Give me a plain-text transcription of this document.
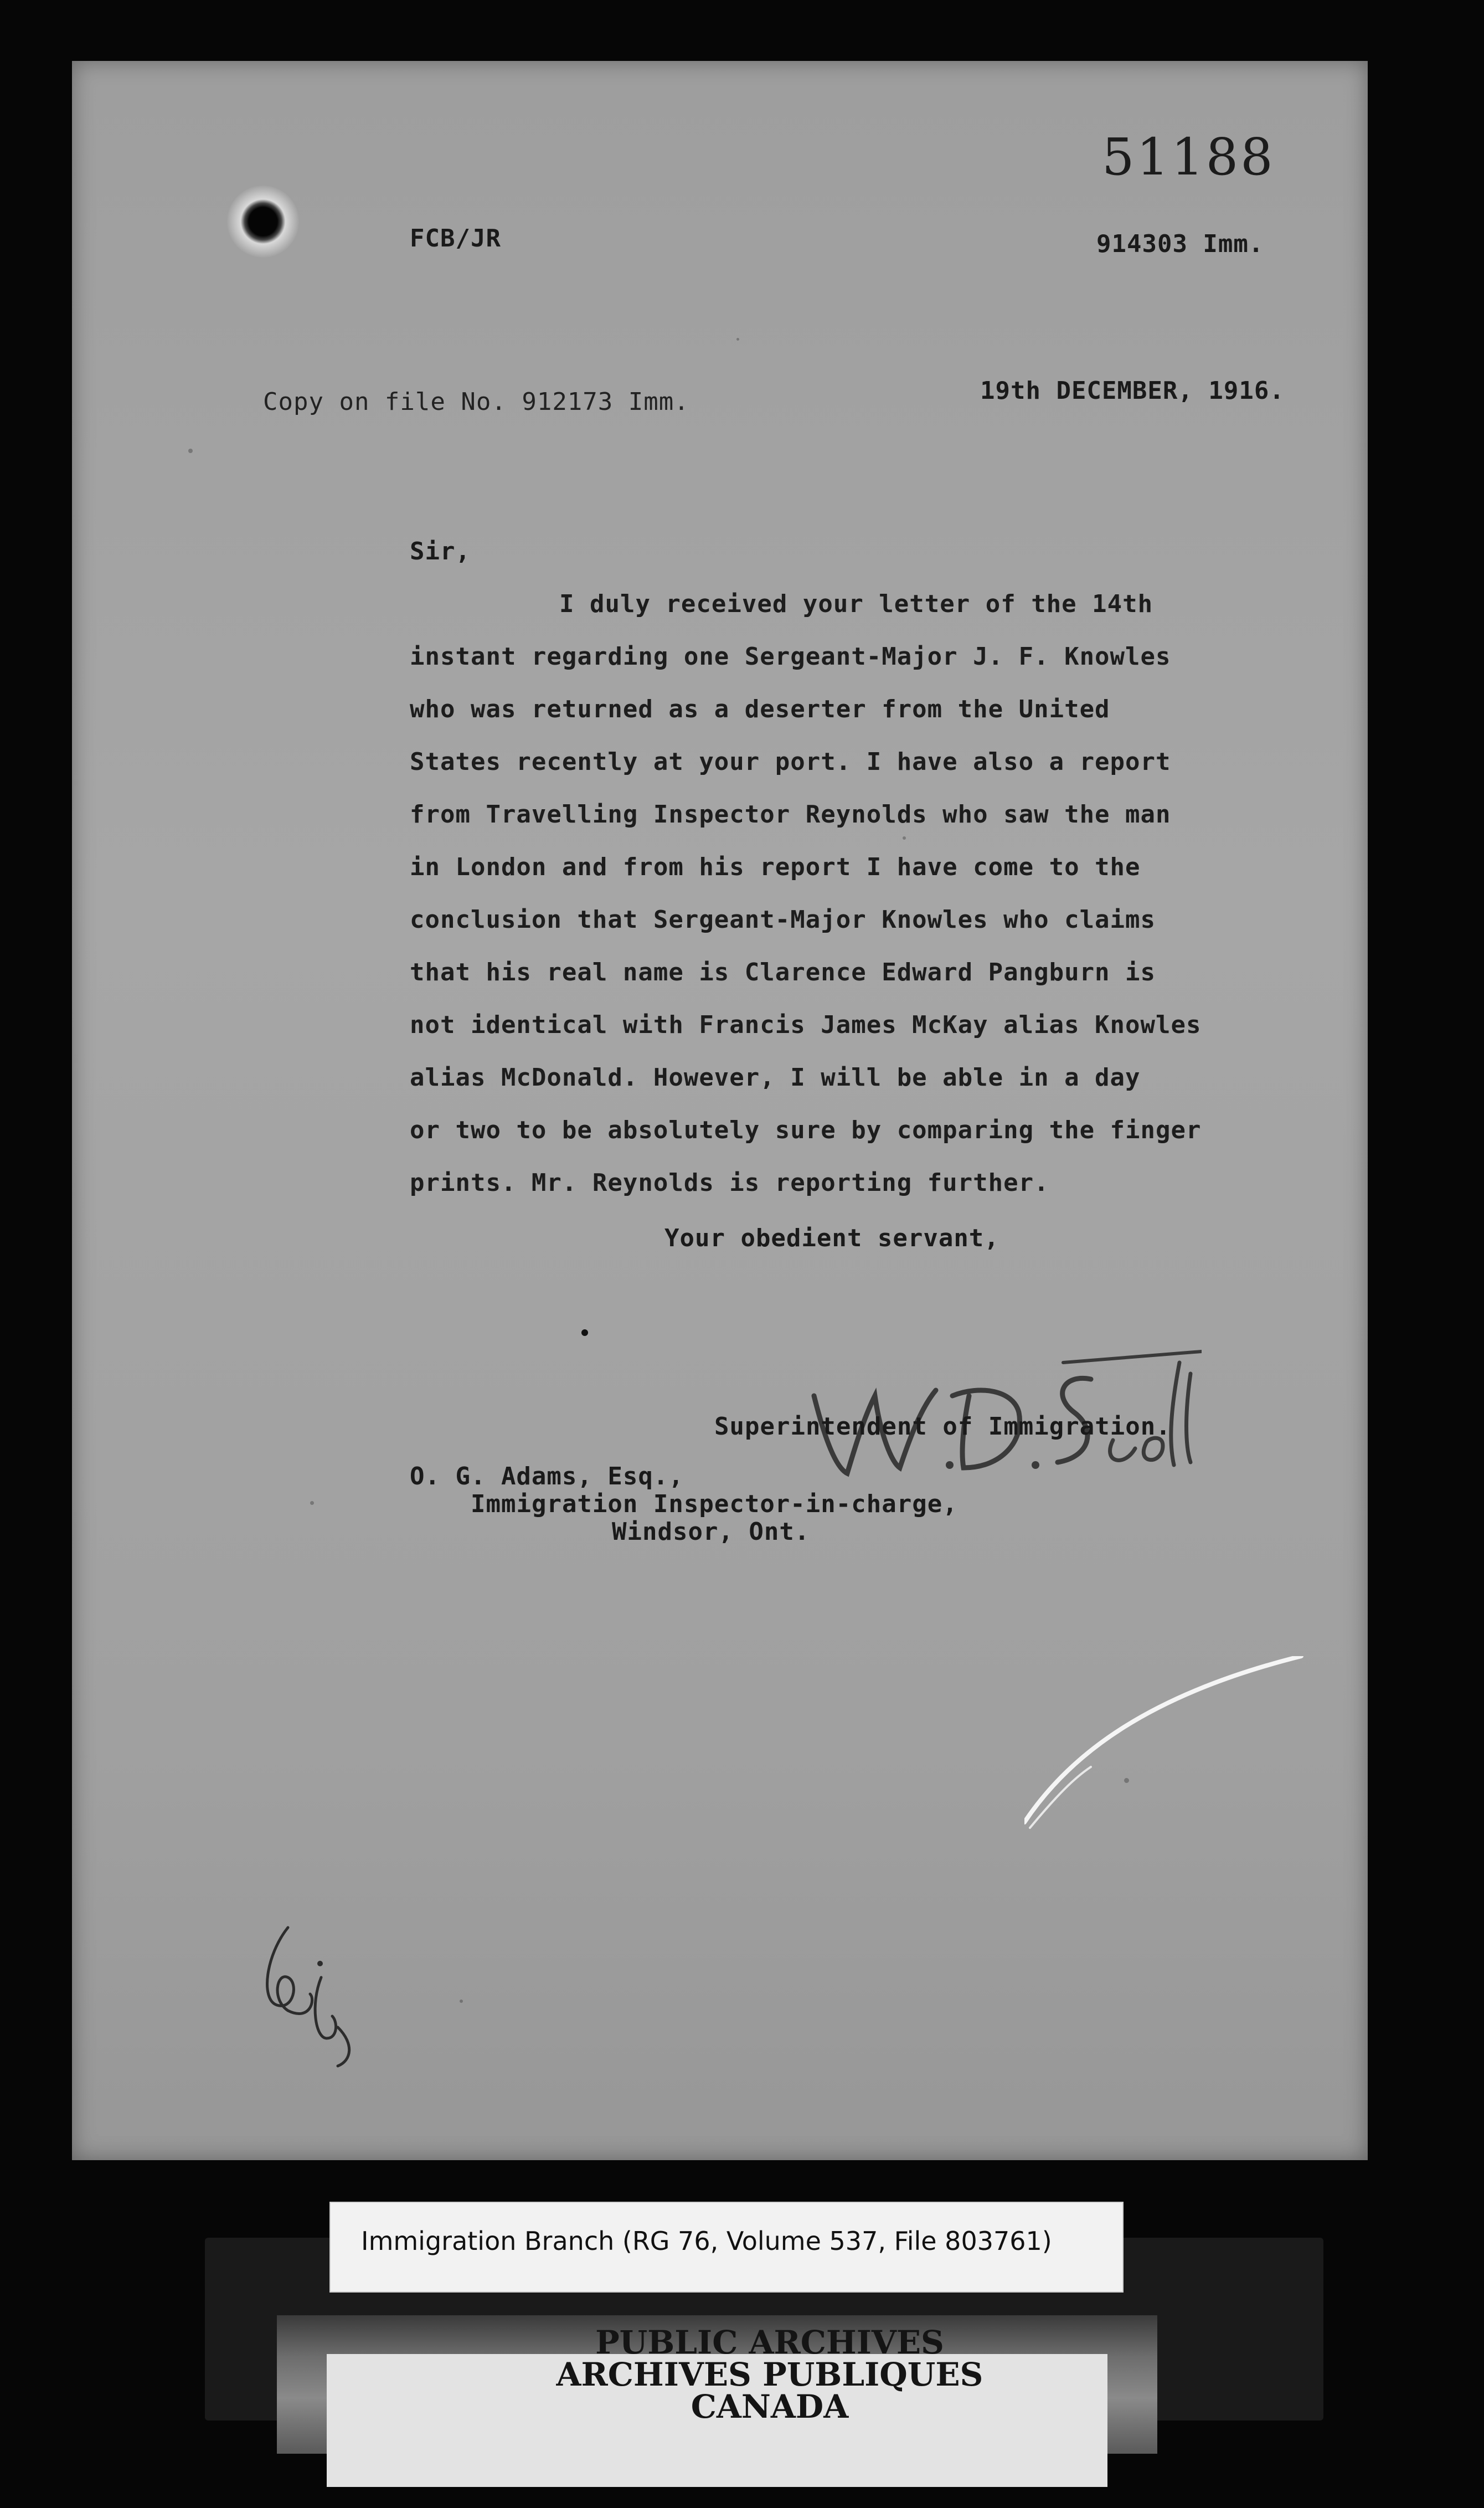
51188
FCB/JR	914303 Imm.
Copy on file No. 912173 Imm.	19th DECEMBER, 1916.
Sir,
I duly received your letter of the 14th
instant regarding one Sergeant-Major J. F. Knowles
who was returned as a deserter from the United
States recently at your port. I have also a report
from Travelling Inspector Reynolds who saw the man
in London and from his report I have come to the
conclusion that Sergeant-Major Knowles who claims
that his real name is Clarence Edward Pangburn is
not identical with Francis James McKay alias Knowles
alias McDonald. However, I will be able in a day
or two to be absolutely sure by comparing the finger
prints. Mr. Reynolds is reporting further.
Your obedient servant,
Superintendent of Immigration.
O. G. Adams, Esq.,
Immigration Inspector-in-charge,
Windsor, Ont.
Immigration Branch (RG 76, Volume 537, File 803761)
PUBLIC ARCHIVES
ARCHIVES PUBLIQUES
CANADA
